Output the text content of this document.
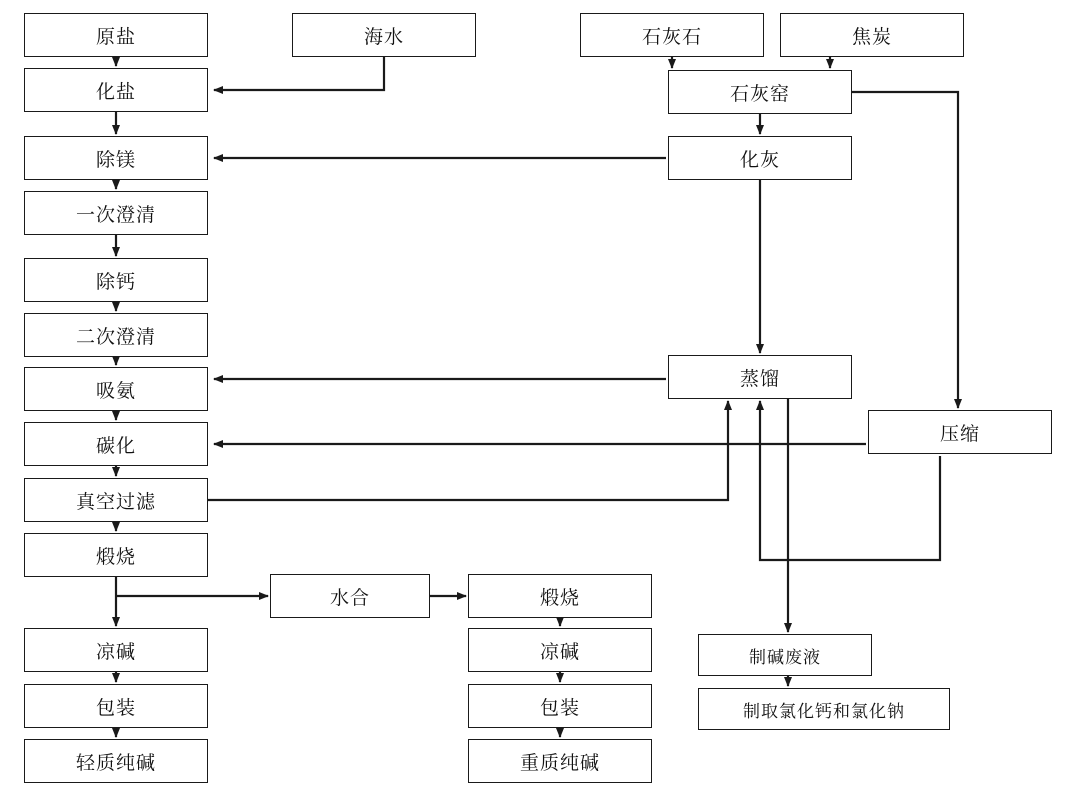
原盐	海水	石灰石	焦炭
化盐	石灰窑
除镁	化灰
一次澄清
除钙
二次澄清
吸氨
蒸馏
碳化
压缩
真空过滤
煅烧
水合	煅烧
凉碱	凉碱	制碱废液
包装	包装	制取氯化钙和氯化钠
轻质纯碱	重质纯碱
